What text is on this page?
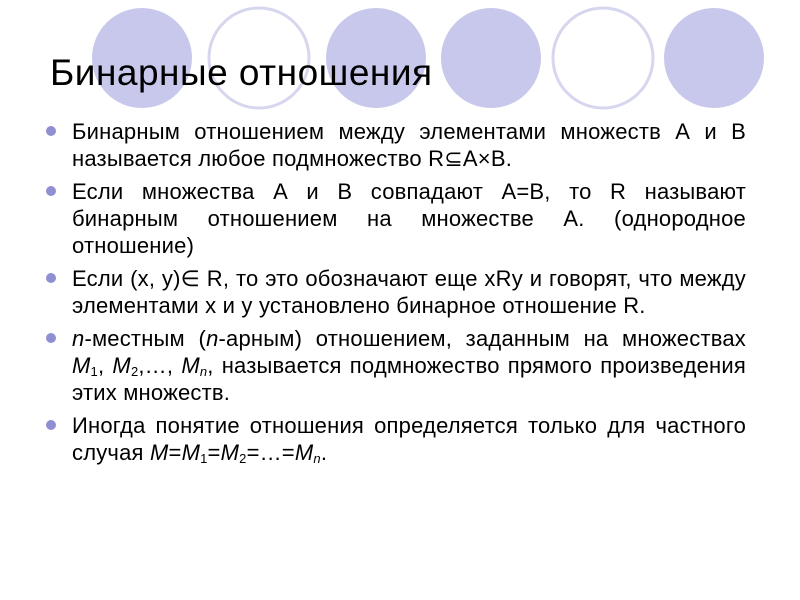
Бинарные отношения
Бинарным отношением между элементами множеств А и В называется любое подмножество R⊆A×B.
Если множества А и В совпадают А=В, то R называют бинарным отношением на множестве А. (однородное отношение)
Если (х, у)∈ R, то это обозначают еще хRу и говорят, что между элементами х и у установлено бинарное отношение R.
n-местным (n-арным) отношением, заданным на множествах $M_1$, $M_2,\dots$, $M_n$, называется подмножество прямого произведения этих множеств.
Иногда понятие отношения определяется только для частного случая $M=M_1=M_2=\dots=M_n$.
